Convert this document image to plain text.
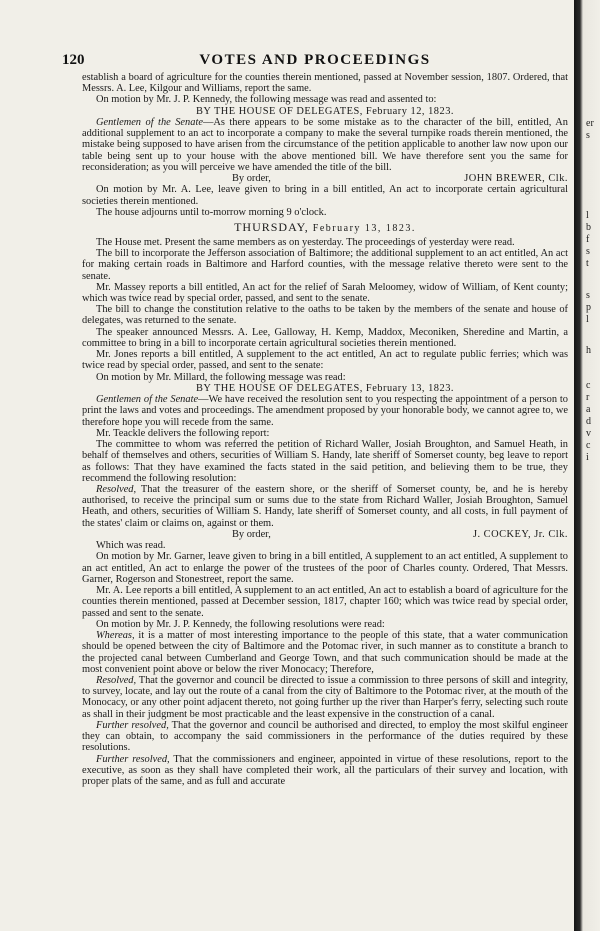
120	VOTES AND PROCEEDINGS

establish a board of agriculture for the counties therein mentioned, passed at November session, 1807. Ordered, that Messrs. A. Lee, Kilgour and Williams, report the same.

On motion by Mr. J. P. Kennedy, the following message was read and assented to:

BY THE HOUSE OF DELEGATES, February 12, 1823.

Gentlemen of the Senate—As there appears to be some mistake as to the character of the bill, entitled, An additional supplement to an act to incorporate a company to make the several turnpike roads therein mentioned, the mistake being supposed to have arisen from the circumstance of the petition applicable to another law now upon our table being sent up to your house with the above mentioned bill. We have therefore sent you the same for reconsideration; as you will perceive we have amended the title of the bill.

By order,	JOHN BREWER, Clk.

On motion by Mr. A. Lee, leave given to bring in a bill entitled, An act to incorporate certain agricultural societies therein mentioned.

The house adjourns until to-morrow morning 9 o'clock.

THURSDAY, February 13, 1823.

The House met. Present the same members as on yesterday. The proceedings of yesterday were read.

The bill to incorporate the Jefferson association of Baltimore; the additional supplement to an act entitled, An act for making certain roads in Baltimore and Harford counties, with the message relative thereto were sent to the senate.

Mr. Massey reports a bill entitled, An act for the relief of Sarah Meloomey, widow of William, of Kent county; which was twice read by special order, passed, and sent to the senate.

The bill to change the constitution relative to the oaths to be taken by the members of the senate and house of delegates, was returned to the senate.

The speaker announced Messrs. A. Lee, Galloway, H. Kemp, Maddox, Meconiken, Sheredine and Martin, a committee to bring in a bill to incorporate certain agricultural societies therein mentioned.

Mr. Jones reports a bill entitled, A supplement to the act entitled, An act to regulate public ferries; which was twice read by special order, passed, and sent to the senate:

On motion by Mr. Millard, the following message was read:

BY THE HOUSE OF DELEGATES, February 13, 1823.

Gentlemen of the Senate—We have received the resolution sent to you respecting the appointment of a person to print the laws and votes and proceedings. The amendment proposed by your honorable body, we cannot agree to, we therefore hope you will recede from the same.

Mr. Teackle delivers the following report:

The committee to whom was referred the petition of Richard Waller, Josiah Broughton, and Samuel Heath, in behalf of themselves and others, securities of William S. Handy, late sheriff of Somerset county, beg leave to report as follows: That they have examined the facts stated in the said petition, and believing them to be true, they recommend the following resolution:

Resolved, That the treasurer of the eastern shore, or the sheriff of Somerset county, be, and he is hereby authorised, to receive the principal sum or sums due to the state from Richard Waller, Josiah Broughton, Samuel Heath, and others, securities of William S. Handy, late sheriff of Somerset county, and all costs, in full payment of the states' claim or claims on, against or them.

By order,	J. COCKEY, Jr. Clk.

Which was read.

On motion by Mr. Garner, leave given to bring in a bill entitled, A supplement to an act entitled, A supplement to an act entitled, An act to enlarge the power of the trustees of the poor of Charles county. Ordered, That Messrs. Garner, Rogerson and Stonestreet, report the same.

Mr. A. Lee reports a bill entitled, A supplement to an act entitled, An act to establish a board of agriculture for the counties therein mentioned, passed at December session, 1817, chapter 160; which was twice read by special order, passed and sent to the senate.

On motion by Mr. J. P. Kennedy, the following resolutions were read:

Whereas, it is a matter of most interesting importance to the people of this state, that a water communication should be opened between the city of Baltimore and the Potomac river, in such manner as to constitute a branch to the projected canal between Cumberland and George Town, and that such communication should be made at the most convenient point above or below the river Monocacy; Therefore,

Resolved, That the governor and council be directed to issue a commission to three persons of skill and integrity, to survey, locate, and lay out the route of a canal from the city of Baltimore to the Potomac river, at the mouth of the Monocacy, or any other point adjacent thereto, not going further up the river than Harper's ferry, selecting such route as shall in their judgment be most practicable and the least expensive in the construction of a canal.

Further resolved, That the governor and council be authorised and directed, to employ the most skilful engineer they can obtain, to accompany the said commissioners in the performance of the duties required by these resolutions.

Further resolved, That the commissioners and engineer, appointed in virtue of these resolutions, report to the executive, as soon as they shall have completed their work, all the particulars of their survey and location, with proper plats of the same, and as full and accurate

er
s
l
b
f
s
t
s
p
l
h
c
r
a
d
v
c
i
